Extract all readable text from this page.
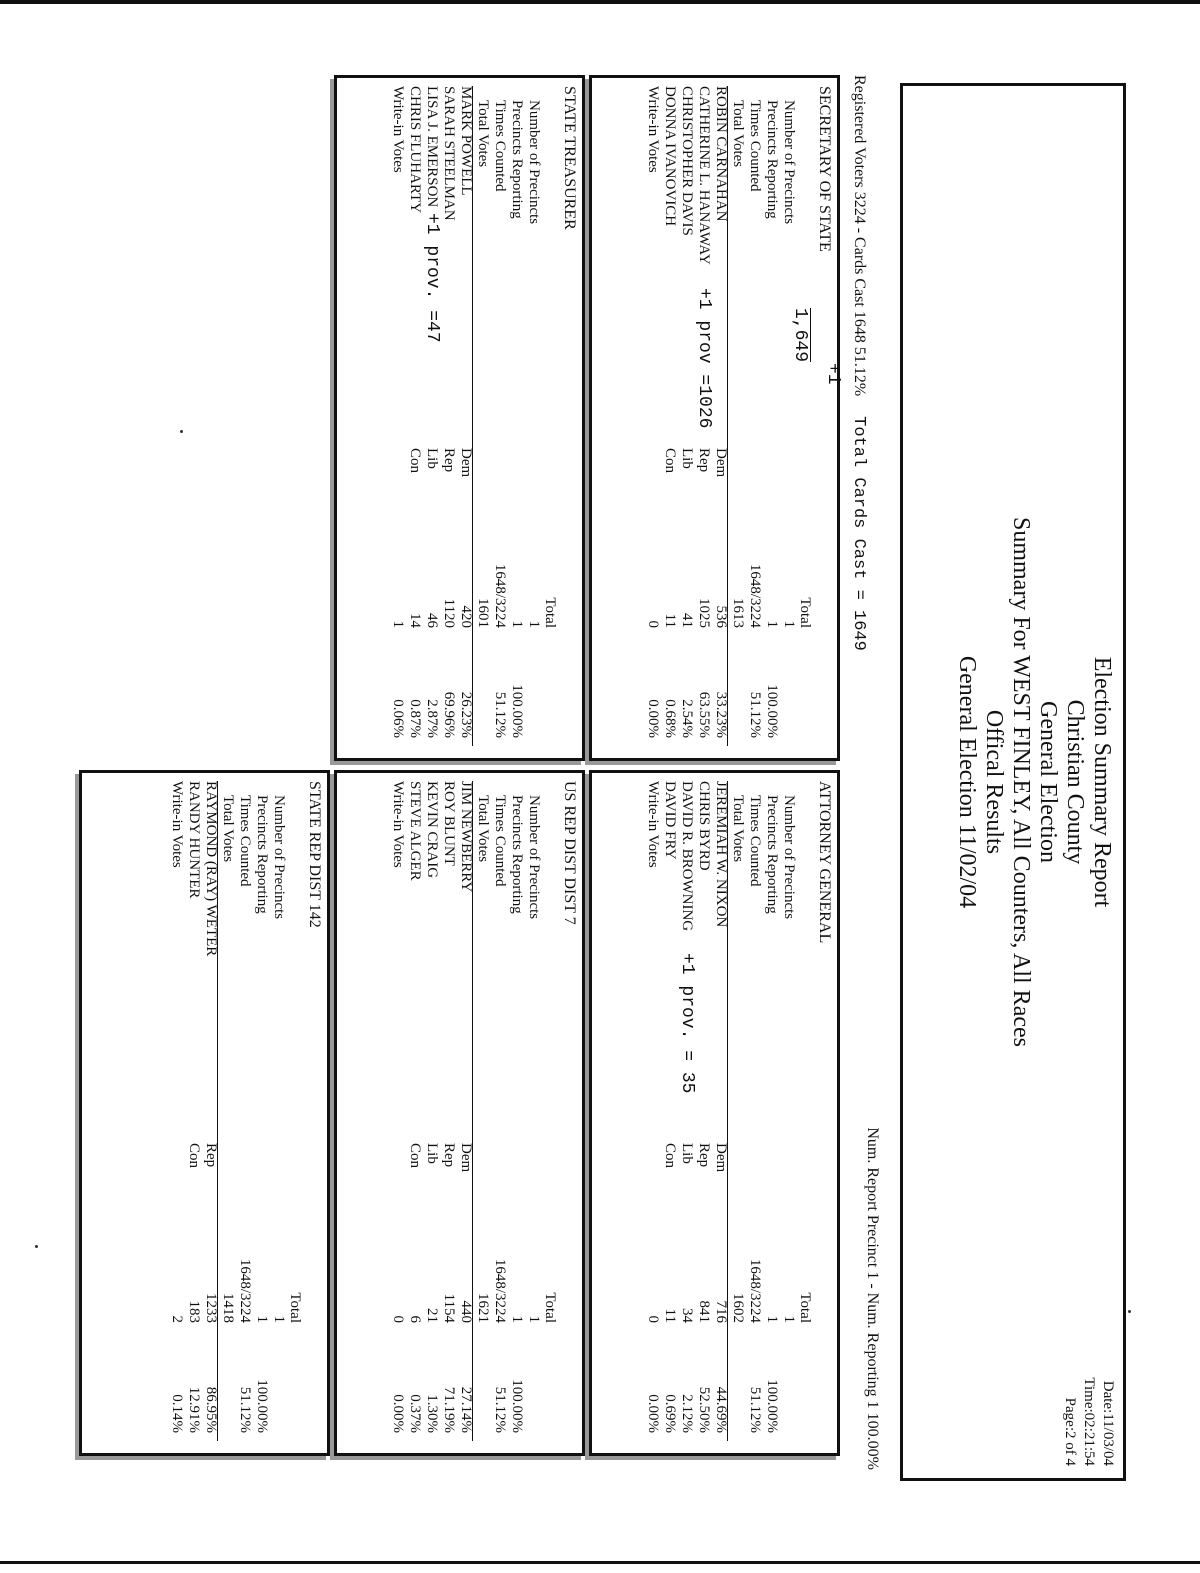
Election Summary Report
Christian County
General Election
Summary For WEST FINLEY, All Counters, All Races
Offical Results
General Election 11/02/04
Date:11/03/04
Time:02:21:54
Page:2 of 4
Num. Report Precinct 1 - Num. Reporting 1 100.00%
Registered Voters 3224 - Cards Cast 1648 51.12% Total Cards Cast = 1649
SECRETARY OF STATE
Total
Number of Precincts
1
Precincts Reporting
1
100.00%
Times Counted
1648/3224
51.12%
Total Votes
1613
ROBIN CARNAHAN
Dem
536
33.23%
CATHERINE L. HANAWAY
Rep
1025
63.55%
CHRISTOPHER DAVIS
Lib
41
2.54%
DONNA IVANOVICH
Con
11
0.68%
Write-in Votes
0
0.00%
+1
1,649
+1 prov =1026
STATE TREASURER
Total
Number of Precincts
1
Precincts Reporting
1
100.00%
Times Counted
1648/3224
51.12%
Total Votes
1601
MARK POWELL
Dem
420
26.23%
SARAH STEELMAN
Rep
1120
69.96%
LISA J. EMERSON
Lib
46
2.87%
CHRIS FLUHARTY
Con
14
0.87%
Write-in Votes
1
0.06%
+1 prov. =47
ATTORNEY GENERAL
Total
Number of Precincts
1
Precincts Reporting
1
100.00%
Times Counted
1648/3224
51.12%
Total Votes
1602
JEREMIAH W. NIXON
Dem
716
44.69%
CHRIS BYRD
Rep
841
52.50%
DAVID R. BROWNING
Lib
34
2.12%
DAVID FRY
Con
11
0.69%
Write-in Votes
0
0.00%
+1 prov. = 35
US REP DIST DIST 7
Total
Number of Precincts
1
Precincts Reporting
1
100.00%
Times Counted
1648/3224
51.12%
Total Votes
1621
JIM NEWBERRY
Dem
440
27.14%
ROY BLUNT
Rep
1154
71.19%
KEVIN CRAIG
Lib
21
1.30%
STEVE ALGER
Con
6
0.37%
Write-in Votes
0
0.00%
STATE REP DIST 142
Total
Number of Precincts
1
Precincts Reporting
1
100.00%
Times Counted
1648/3224
51.12%
Total Votes
1418
RAYMOND (RAY) WETER
Rep
1233
86.95%
RANDY HUNTER
Con
183
12.91%
Write-in Votes
2
0.14%
